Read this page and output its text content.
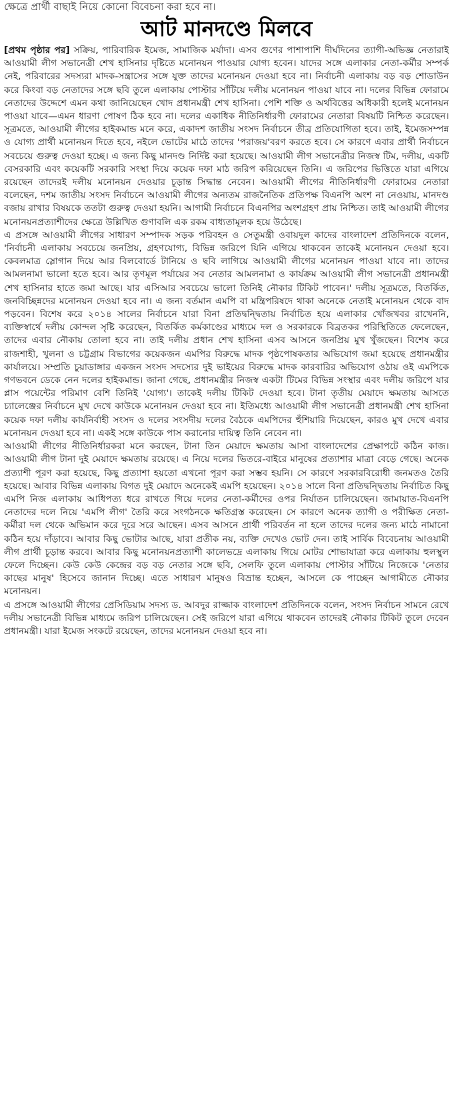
ক্ষেত্রে প্রার্থী বাছাই নিয়ে কোনো বিবেচনা করা হবে না।
আট মানদণ্ডে মিলবে

[প্রথম পৃষ্ঠার পর] সক্রিয়, পারিবারিক ইমেজ, সামাজিক মর্যাদা। এসব গুণের পাশাপাশি দীর্ঘদিনের ত্যাগী-অভিজ্ঞ নেতারাই আওয়ামী লীগ সভানেত্রী শেখ হাসিনার দৃষ্টিতে মনোনয়ন পাওয়ার যোগ্য হবেন। যাদের সঙ্গে এলাকার নেতা-কর্মীর সম্পর্ক নেই, পরিবারের সদস্যরা মাদক-সন্ত্রাসের সঙ্গে যুক্ত তাদের মনোনয়ন দেওয়া হবে না। নির্বাচনী এলাকায় বড় বড় শোডাউন করে কিংবা বড় নেতাদের সঙ্গে ছবি তুলে এলাকায় পোস্টার সাঁটিয়ে দলীয় মনোনয়ন পাওয়া যাবে না। দলের বিভিন্ন ফোরামে নেতাদের উদ্দেশে এমন কথা জানিয়েছেন খোদ প্রধানমন্ত্রী শেখ হাসিনা। পেশি শক্তি ও অর্থবিত্তের অধিকারী হলেই মনোনয়ন পাওয়া যাবে—এমন ধারণা পোষণ ঠিক হবে না। দলের একাধিক নীতিনির্ধারণী ফোরামের নেতারা বিষয়টি নিশ্চিত করেছেন। সূত্রমতে, আওয়ামী লীগের হাইকমান্ড মনে করে, একাদশ জাতীয় সংসদ নির্বাচনে তীব্র প্রতিযোগিতা হবে। তাই, ইমেজসম্পন্ন ও যোগ্য প্রার্থী মনোনয়ন দিতে হবে, নইলে ভোটের মাঠে তাদের 'পরাজয়'বরণ করতে হবে। সে কারণে এবার প্রার্থী নির্বাচনে সবচেয়ে গুরুত্ব দেওয়া হচ্ছে। এ জন্য কিছু মানদণ্ড নির্দিষ্ট করা হয়েছে। আওয়ামী লীগ সভানেত্রীর নিজস্ব টিম, দলীয়, একটি বেসরকারি এবং কয়েকটি সরকারি সংস্থা দিয়ে কয়েক দফা মাঠ জরিপ করিয়েছেন তিনি। এ জরিপের ভিত্তিতে যারা এগিয়ে রয়েছেন তাদেরই দলীয় মনোনয়ন দেওয়ার চূড়ান্ত সিদ্ধান্ত নেবেন। আওয়ামী লীগের নীতিনির্ধারণী ফোরামের নেতারা বলেছেন, দশম জাতীয় সংসদ নির্বাচনে আওয়ামী লীগের অন্যতম রাজনৈতিক প্রতিপক্ষ বিএনপি অংশ না নেওয়ায়, মানদণ্ড বজায় রাখার বিষয়কে ততটা গুরুত্ব দেওয়া হয়নি। আগামী নির্বাচনে বিএনপির অংশগ্রহণ প্রায় নিশ্চিত। তাই আওয়ামী লীগের মনোনয়নপ্রত্যাশীদের ক্ষেত্রে উল্লিখিত গুণাবলি এক রকম বাধ্যতামূলক হয়ে উঠেছে।

এ প্রসঙ্গে আওয়ামী লীগের সাধারণ সম্পাদক সড়ক পরিবহন ও সেতুমন্ত্রী ওবায়দুল কাদের বাংলাদেশ প্রতিদিনকে বলেন, 'নির্বাচনী এলাকায় সবচেয়ে জনপ্রিয়, গ্রহণযোগ্য, বিভিন্ন জরিপে যিনি এগিয়ে থাকবেন তাকেই মনোনয়ন দেওয়া হবে। কেবলমাত্র স্লোগান দিয়ে আর বিলবোর্ডে টানিয়ে ও ছবি লাগিয়ে আওয়ামী লীগের মনোনয়ন পাওয়া যাবে না। তাদের আমলনামা ভালো হতে হবে। আর তৃণমূল পর্যায়ের সব নেতার আমলনামা ও কার্যক্রম আওয়ামী লীগ সভানেত্রী প্রধানমন্ত্রী শেখ হাসিনার হাতে জমা আছে। যার এসিআর সবচেয়ে ভালো তিনিই নৌকার টিকিট পাবেন।' দলীয় সূত্রমতে, বিতর্কিত, জনবিচ্ছিন্নদের মনোনয়ন দেওয়া হবে না। এ জন্য বর্তমান এমপি বা মন্ত্রিপরিষদে থাকা অনেকে নেতাই মনোনয়ন থেকে বাদ পড়বেন। বিশেষ করে ২০১৪ সালের নির্বাচনে যারা বিনা প্রতিদ্বন্দ্বিতায় নির্বাচিত হয়ে এলাকার খোঁজখবর রাখেননি, ব্যক্তিস্বার্থে দলীয় কোন্দল সৃষ্টি করেছেন, বিতর্কিত কর্মকাণ্ডের মাধ্যমে দল ও সরকারকে বিব্রতকর পরিস্থিতিতে ফেলেছেন, তাদের এবার নৌকায় তোলা হবে না। তাই দলীয় প্রধান শেখ হাসিনা এসব আসনে জনপ্রিয় মুখ খুঁজছেন। বিশেষ করে রাজশাহী, খুলনা ও চট্টগ্রাম বিভাগের কয়েকজন এমপির বিরুদ্ধে মাদক পৃষ্ঠপোষকতার অভিযোগ জমা হয়েছে প্রধানমন্ত্রীর কার্যালয়ে। সম্প্রতি চুয়াডাঙ্গার একজন সংসদ সদস্যের দুই ভাইয়ের বিরুদ্ধে মাদক কারবারির অভিযোগ ওঠায় ওই এমপিকে গণভবনে ডেকে নেন দলের হাইকমান্ড। জানা গেছে, প্রধানমন্ত্রীর নিজস্ব একটা টিমের বিভিন্ন সংস্থার এবং দলীয় জরিপে যার প্লাস পয়েন্টের পরিমাণ বেশি তিনিই 'যোগ্য'। তাকেই দলীয় টিকিট দেওয়া হবে। টানা তৃতীয় মেয়াদে ক্ষমতায় আসতে চ্যালেঞ্জের নির্বাচনে মুখ দেখে কাউকে মনোনয়ন দেওয়া হবে না। ইতিমধ্যে আওয়ামী লীগ সভানেত্রী প্রধানমন্ত্রী শেখ হাসিনা কয়েক দফা দলীয় কার্যনির্বাহী সংসদ ও দলের সংসদীয় দলের বৈঠকে এমপিদের হুঁশিয়ারি দিয়েছেন, কারও মুখ দেখে এবার মনোনয়ন দেওয়া হবে না। একই সঙ্গে কাউকে পাস করানোর দায়িত্ব তিনি নেবেন না।

আওয়ামী লীগের নীতিনির্ধারকরা মনে করছেন, টানা তিন মেয়াদে ক্ষমতায় আসা বাংলাদেশের প্রেক্ষাপটে কঠিন কাজ। আওয়ামী লীগ টানা দুই মেয়াদে ক্ষমতায় রয়েছে। এ নিয়ে দলের ভিতরে-বাইরে মানুষের প্রত্যাশার মাত্রা বেড়ে গেছে। অনেক প্রত্যাশী পূরণ করা হয়েছে, কিছু প্রত্যাশা হয়তো এখনো পূরণ করা সম্ভব হয়নি। সে কারণে সরকারবিরোধী জনমতও তৈরি হয়েছে। আবার বিভিন্ন এলাকায় বিগত দুই মেয়াদে অনেকেই এমপি হয়েছেন। ২০১৪ সালে বিনা প্রতিদ্বন্দ্বিতায় নির্বাচিত কিছু এমপি নিজ এলাকায় আধিপত্য ধরে রাখতে গিয়ে দলের নেতা-কর্মীদের ওপর নির্যাতন চালিয়েছেন। জামায়াত-বিএনপি নেতাদের দলে নিয়ে 'এমপি লীগ' তৈরি করে সংগঠনকে ক্ষতিগ্রস্ত করেছেন। সে কারণে অনেক ত্যাগী ও পরীক্ষিত নেতা-কর্মীরা দল থেকে অভিমান করে দূরে সরে আছেন। এসব আসনে প্রার্থী পরিবর্তন না হলে তাদের দলের জন্য মাঠে নামানো কঠিন হয়ে দাঁড়াবে। আবার কিছু ভোটার আছে, যারা প্রতীক নয়, ব্যক্তি দেখেও ভোট দেন। তাই সার্বিক বিবেচনায় আওয়ামী লীগ প্রার্থী চূড়ান্ত করবে। আবার কিছু মনোনয়নপ্রত্যাশী কালেভদ্রে এলাকায় গিয়ে মোটর শোভাযাত্রা করে এলাকায় হুলস্থুল ফেলে দিচ্ছেন। কেউ কেউ কেন্দ্রের বড় বড় নেতার সঙ্গে ছবি, সেলফি তুলে এলাকায় পোস্টার সাঁটিয়ে নিজেকে 'নেতার কাছের মানুষ' হিসেবে জানান দিচ্ছে। এতে সাধারণ মানুষও বিভ্রান্ত হচ্ছেন, আসলে কে পাচ্ছেন আগামীতে নৌকার মনোনয়ন।

এ প্রসঙ্গে আওয়ামী লীগের প্রেসিডিয়াম সদস্য ড. আবদুর রাজ্জাক বাংলাদেশ প্রতিদিনকে বলেন, সংসদ নির্বাচন সামনে রেখে দলীয় সভানেত্রী বিভিন্ন মাধ্যমে জরিপ চালিয়েছেন। সেই জরিপে যারা এগিয়ে থাকবেন তাদেরই নৌকার টিকিট তুলে দেবেন প্রধানমন্ত্রী। যারা ইমেজ সংকটে রয়েছেন, তাদের মনোনয়ন দেওয়া হবে না।
